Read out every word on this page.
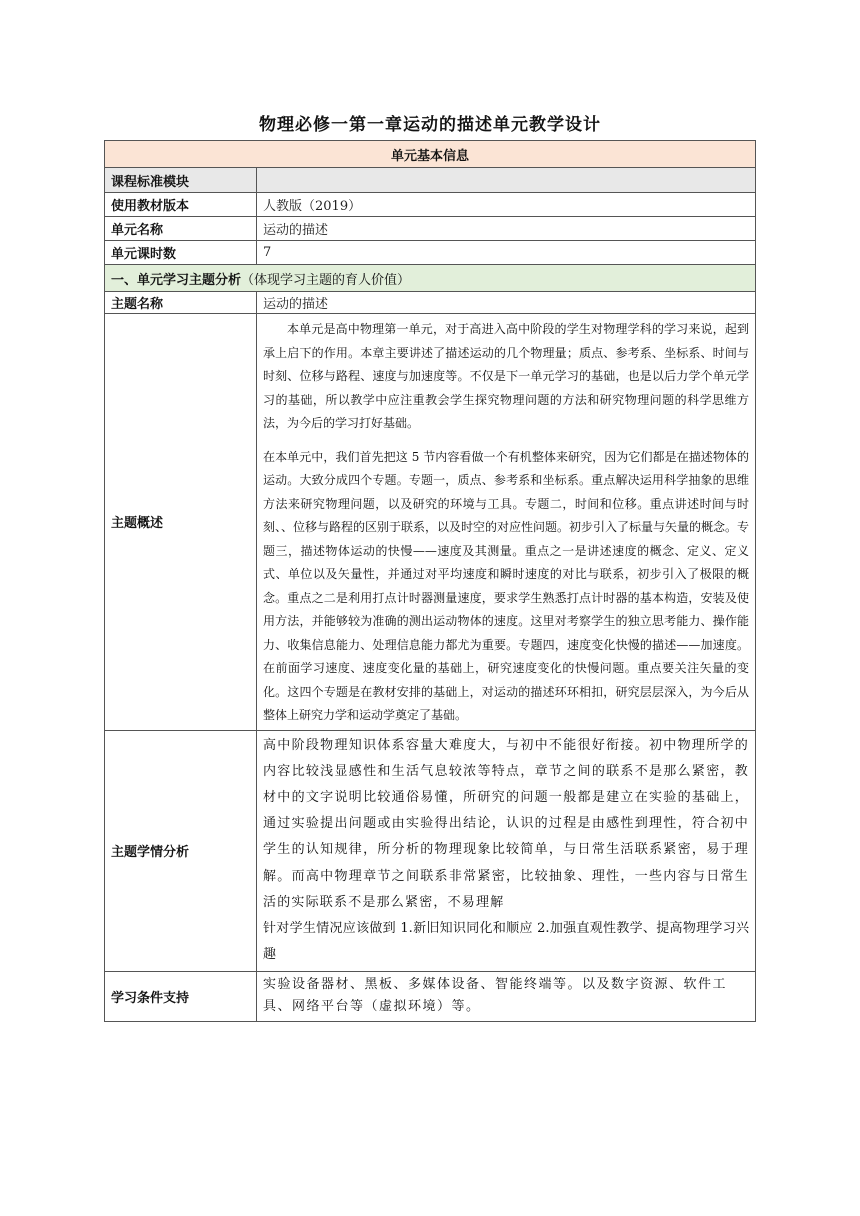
物理必修一第一章运动的描述单元教学设计
单元基本信息	
课程标准模块	
使用教材版本	人教版（2019）
单元名称	运动的描述
单元课时数	7
一、单元学习主题分析（体现学习主题的育人价值）	
主题名称	运动的描述
主题概述	本单元是高中物理第一单元，对于高进入高中阶段的学生对物理学科的学习来说，起到承上启下的作用。本章主要讲述了描述运动的几个物理量；质点、参考系、坐标系、时间与时刻、位移与路程、速度与加速度等。不仅是下一单元学习的基础，也是以后力学个单元学习的基础，所以教学中应注重教会学生探究物理问题的方法和研究物理问题的科学思维方法，为今后的学习打好基础。

在本单元中，我们首先把这 5 节内容看做一个有机整体来研究，因为它们都是在描述物体的运动。大致分成四个专题。专题一，质点、参考系和坐标系。重点解决运用科学抽象的思维方法来研究物理问题，以及研究的环境与工具。专题二，时间和位移。重点讲述时间与时刻、、位移与路程的区别于联系，以及时空的对应性问题。初步引入了标量与矢量的概念。专题三，描述物体运动的快慢——速度及其测量。重点之一是讲述速度的概念、定义、定义式、单位以及矢量性，并通过对平均速度和瞬时速度的对比与联系，初步引入了极限的概念。重点之二是利用打点计时器测量速度，要求学生熟悉打点计时器的基本构造，安装及使用方法，并能够较为准确的测出运动物体的速度。这里对考察学生的独立思考能力、操作能力、收集信息能力、处理信息能力都尤为重要。专题四，速度变化快慢的描述——加速度。在前面学习速度、速度变化量的基础上，研究速度变化的快慢问题。重点要关注矢量的变化。这四个专题是在教材安排的基础上，对运动的描述环环相扣，研究层层深入，为今后从整体上研究力学和运动学奠定了基础。

主题学情分析	高中阶段物理知识体系容量大难度大，与初中不能很好衔接。初中物理所学的内容比较浅显感性和生活气息较浓等特点，章节之间的联系不是那么紧密，教材中的文字说明比较通俗易懂，所研究的问题一般都是建立在实验的基础上，通过实验提出问题或由实验得出结论，认识的过程是由感性到理性，符合初中学生的认知规律，所分析的物理现象比较简单，与日常生活联系紧密，易于理解。而高中物理章节之间联系非常紧密，比较抽象、理性，一些内容与日常生活的实际联系不是那么紧密，不易理解

针对学生情况应该做到 1.新旧知识同化和顺应 2.加强直观性教学、提高物理学习兴趣

学习条件支持	实验设备器材、黑板、多媒体设备、智能终端等。以及数字资源、软件工具、网络平台等（虚拟环境）等。
